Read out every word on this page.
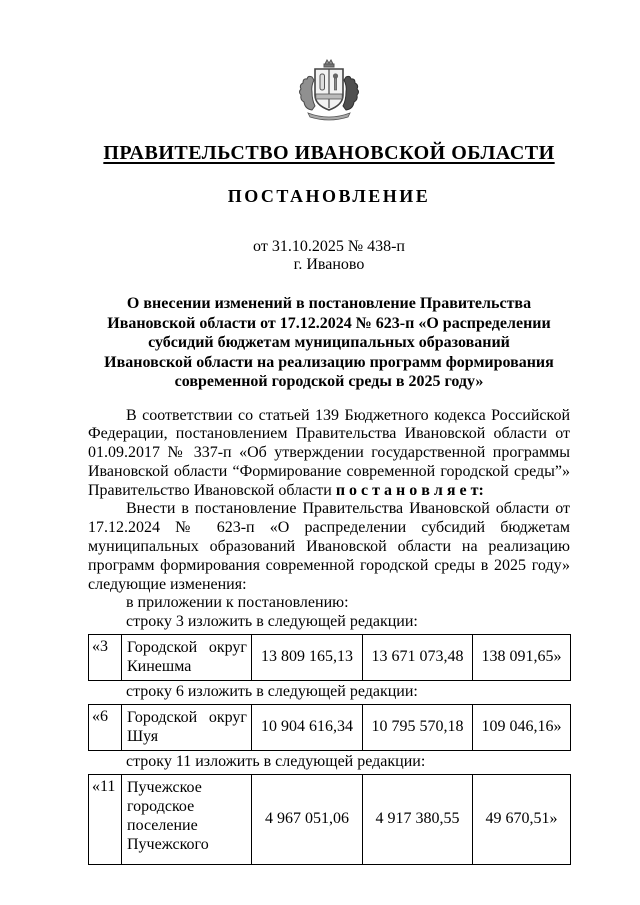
ПРАВИТЕЛЬСТВО ИВАНОВСКОЙ ОБЛАСТИ
ПОСТАНОВЛЕНИЕ
от 31.10.2025 № 438-п
г. Иваново
О внесении изменений в постановление Правительства
Ивановской области от 17.12.2024 № 623-п «О распределении
субсидий бюджетам муниципальных образований
Ивановской области на реализацию программ формирования
современной городской среды в 2025 году»

В соответствии со статьей 139 Бюджетного кодекса Российской Федерации, постановлением Правительства Ивановской области от 01.09.2017 № 337-п «Об утверждении государственной программы Ивановской области “Формирование современной городской среды”» Правительство Ивановской области п о с т а н о в л я е т:

Внести в постановление Правительства Ивановской области от 17.12.2024 № 623-п «О распределении субсидий бюджетам муниципальных образований Ивановской области на реализацию программ формирования современной городской среды в 2025 году» следующие изменения:

в приложении к постановлению:
строку 3 изложить в следующей редакции:
«3	Городской округ Кинешма	13 809 165,13	13 671 073,48	138 091,65»
строку 6 изложить в следующей редакции:
«6	Городской округ Шуя	10 904 616,34	10 795 570,18	109 046,16»
строку 11 изложить в следующей редакции:
«11	Пучежское городское поселение Пучежского	4 967 051,06	4 917 380,55	49 670,51»
